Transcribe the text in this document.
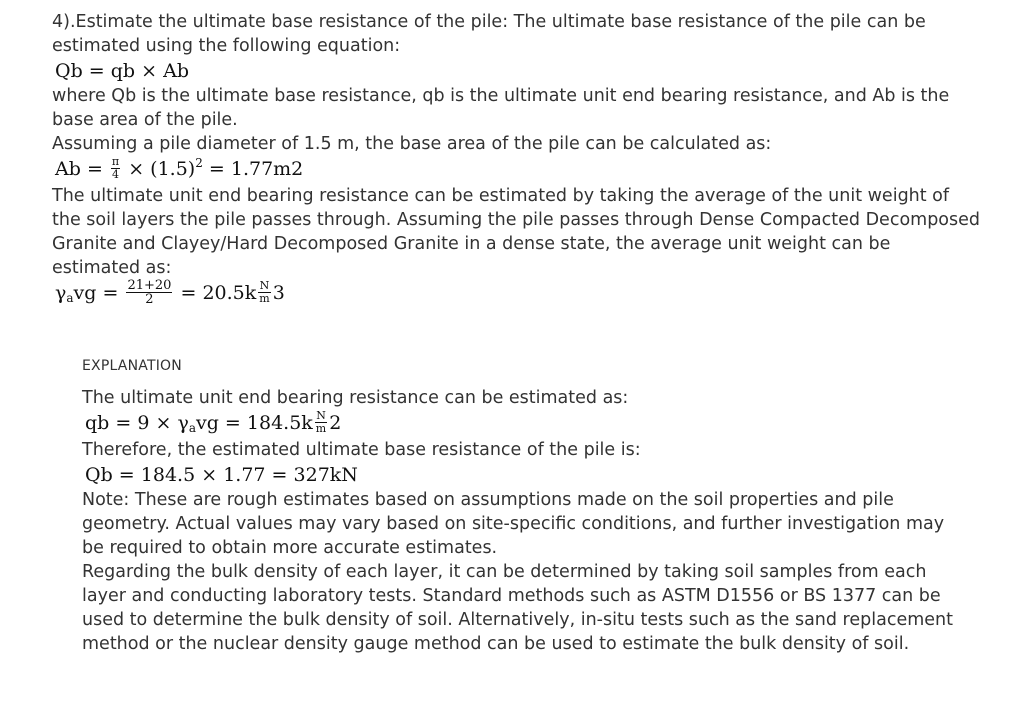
4).Estimate the ultimate base resistance of the pile: The ultimate base resistance of the pile can be estimated using the following equation:

Qb = qb × Ab

where Qb is the ultimate base resistance, qb is the ultimate unit end bearing resistance, and Ab is the base area of the pile.

Assuming a pile diameter of 1.5 m, the base area of the pile can be calculated as:

$Ab = \frac{\pi}{4} \times (1.5)^2 = 1.77m2$

The ultimate unit end bearing resistance can be estimated by taking the average of the unit weight of the soil layers the pile passes through. Assuming the pile passes through Dense Compacted Decomposed Granite and Clayey/Hard Decomposed Granite in a dense state, the average unit weight can be estimated as:

$\gamma avg = \frac{21+20}{2} = 20.5k \frac{N}{m} 3$

EXPLANATION

The ultimate unit end bearing resistance can be estimated as:

qb = $9 \times \gamma avg = 184.5k \frac{N}{m} 2$

Therefore, the estimated ultimate base resistance of the pile is:

Qb = 184.5 × 1.77 = 327kN

Note: These are rough estimates based on assumptions made on the soil properties and pile geometry. Actual values may vary based on site-specific conditions, and further investigation may be required to obtain more accurate estimates.

Regarding the bulk density of each layer, it can be determined by taking soil samples from each layer and conducting laboratory tests. Standard methods such as ASTM D1556 or BS 1377 can be used to determine the bulk density of soil. Alternatively, in-situ tests such as the sand replacement method or the nuclear density gauge method can be used to estimate the bulk density of soil.
